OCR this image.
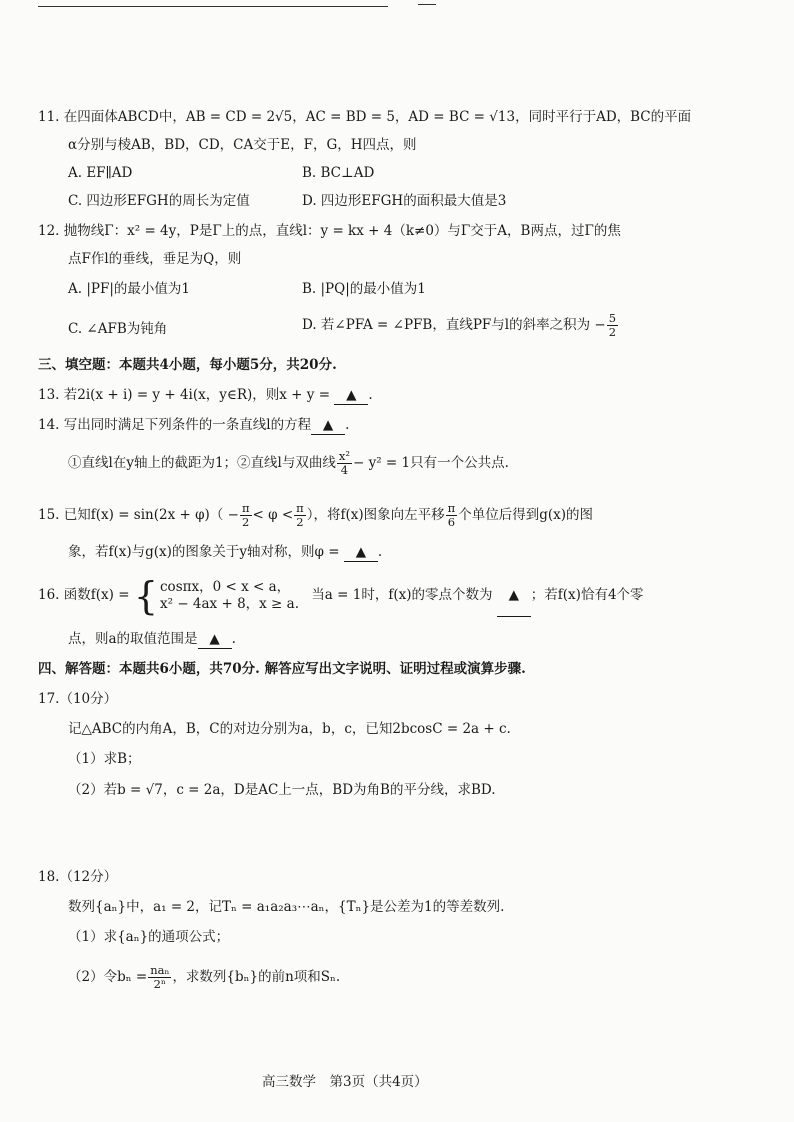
11. 在四面体ABCD中，AB = CD = 2√5，AC = BD = 5，AD = BC = √13，同时平行于AD，BC的平面
α分别与棱AB，BD，CD，CA交于E，F，G，H四点，则
A. EF∥AD	B. BC⊥AD
C. 四边形EFGH的周长为定值	D. 四边形EFGH的面积最大值是3
12. 抛物线Γ：x² = 4y，P是Γ上的点，直线l：y = kx + 4（k≠0）与Γ交于A，B两点，过Γ的焦
点F作l的垂线，垂足为Q，则
A. |PF|的最小值为1	B. |PQ|的最小值为1
C. ∠AFB为钝角	D. 若∠PFA = ∠PFB，直线PF与l的斜率之积为 − $\frac{5}{2}$
三、填空题：本题共4小题，每小题5分，共20分.
13. 若2i(x + i) = y + 4i(x，y∈R)，则x + y = ▲ .
14. 写出同时满足下列条件的一条直线l的方程 ▲ .
①直线l在y轴上的截距为1；②直线l与双曲线 $\frac{\text{x²}}{4} - y^2 = 1$只有一个公共点.
15. 已知$f(x) = \sin(2x + \varphi)( - \frac{\pi}{2} < \varphi < \frac{\pi}{2}$ ），将f(x)图象向左平移 $\frac{\pi}{6}$ 个单位后得到g(x)的图
象，若f(x)与g(x)的图象关于y轴对称，则φ = ▲ .
16. 函数f(x) = { cosπx，0 < x < a，
x² − 4ax + 8，x ≥ a.
当a = 1时，f(x)的零点个数为 ▲ ；若f(x)恰有4个零
点，则a的取值范围是 ▲ .
四、解答题：本题共6小题，共70分. 解答应写出文字说明、证明过程或演算步骤.
17.（10分）
记△ABC的内角A，B，C的对边分别为a，b，c，已知2bcosC = 2a + c.
（1）求B；
（2）若b = √7，c = 2a，D是AC上一点，BD为角B的平分线，求BD.
18.（12分）
数列{aₙ}中，a₁ = 2，记Tₙ = a₁a₂a₃⋯aₙ，{Tₙ}是公差为1的等差数列.
（1）求{aₙ}的通项公式；
（2）令$b_n = \frac{\text{naₙ}}{\text{2ⁿ}}$ ，求数列{bₙ}的前n项和Sₙ.
高三数学　第3页（共4页）
